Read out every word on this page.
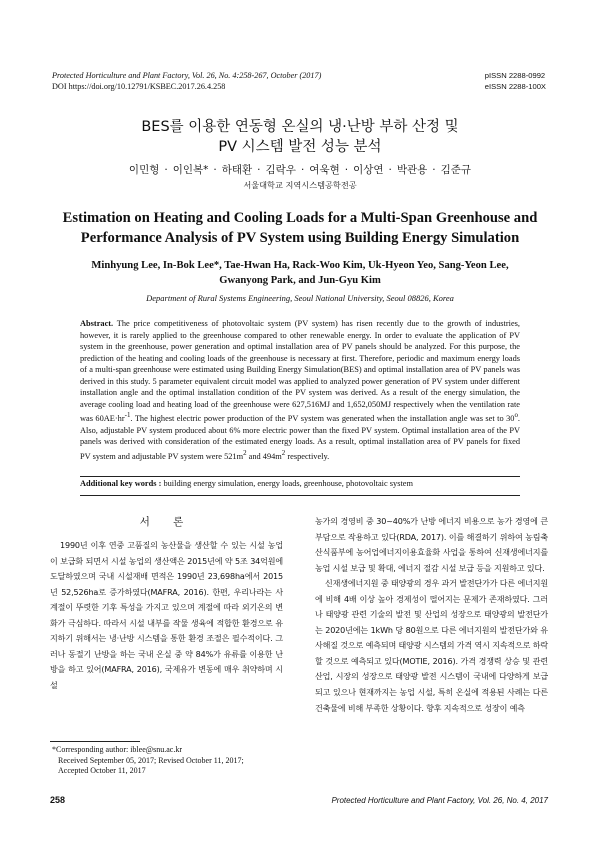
Protected Horticulture and Plant Factory, Vol. 26, No. 4:258-267, October (2017)
DOI https://doi.org/10.12791/KSBEC.2017.26.4.258
pISSN 2288-0992
eISSN 2288-100X
BES를 이용한 연동형 온실의 냉·난방 부하 산정 및
PV 시스템 발전 성능 분석
이민형 · 이인복* · 하태환 · 김락우 · 여욱현 · 이상연 · 박관용 · 김준규
서울대학교 지역시스템공학전공
Estimation on Heating and Cooling Loads for a Multi-Span Greenhouse and
Performance Analysis of PV System using Building Energy Simulation
Minhyung Lee, In-Bok Lee*, Tae-Hwan Ha, Rack-Woo Kim, Uk-Hyeon Yeo, Sang-Yeon Lee,
Gwanyong Park, and Jun-Gyu Kim
Department of Rural Systems Engineering, Seoul National University, Seoul 08826, Korea
Abstract. The price competitiveness of photovoltaic system (PV system) has risen recently due to the growth of industries, however, it is rarely applied to the greenhouse compared to other renewable energy. In order to evaluate the application of PV system in the greenhouse, power generation and optimal installation area of PV panels should be analyzed. For this purpose, the prediction of the heating and cooling loads of the greenhouse is necessary at first. Therefore, periodic and maximum energy loads of a multi-span greenhouse were estimated using Building Energy Simulation(BES) and optimal installation area of PV panels was derived in this study. 5 parameter equivalent circuit model was applied to analyzed power generation of PV system under different installation angle and the optimal installation condition of the PV system was derived. As a result of the energy simulation, the average cooling load and heating load of the greenhouse were 627,516MJ and 1,652,050MJ respectively when the ventilation rate was $60AE\cdot hr^{-1}$. The highest electric power production of the PV system was generated when the installation angle was set to 30$^o$. Also, adjustable PV system produced about 6% more electric power than the fixed PV system. Optimal installation area of the PV panels was derived with consideration of the estimated energy loads. As a result, optimal installation area of PV panels for fixed PV system and adjustable PV system were $521m^2$ and $494m^2$ respectively.
Additional key words : building energy simulation, energy loads, greenhouse, photovoltaic system
서 론

1990년 이후 연중 고품질의 농산물을 생산할 수 있는 시설 농업이 보급화 되면서 시설 농업의 생산액은 2015년에 약 5조 34억원에 도달하였으며 국내 시설재배 면적은 1990년 23,698ha에서 2015년 52,526ha로 증가하였다(MAFRA, 2016). 한편, 우리나라는 사계절이 뚜렷한 기후 특성을 가지고 있으며 계절에 따라 외기온의 변화가 극심하다. 따라서 시설 내부를 작물 생육에 적합한 환경으로 유지하기 위해서는 냉·난방 시스템을 통한 환경 조절은 필수적이다. 그러나 동절기 난방을 하는 국내 온실 중 약 84%가 유류를 이용한 난방을 하고 있어(MAFRA, 2016), 국제유가 변동에 매우 취약하며 시설

농가의 경영비 중 30~40%가 난방 에너지 비용으로 농가 경영에 큰 부담으로 작용하고 있다(RDA, 2017). 이를 해결하기 위하여 농림축산식품부에 농어업에너지이용효율화 사업을 통하여 신재생에너지를 농업 시설 보급 및 확대, 에너지 절감 시설 보급 등을 지원하고 있다.

신재생에너지원 중 태양광의 경우 과거 발전단가가 다른 에너지원에 비해 4배 이상 높아 경제성이 떨어지는 문제가 존재하였다. 그러나 태양광 관련 기술의 발전 및 산업의 성장으로 태양광의 발전단가는 2020년에는 1kWh 당 80원으로 다른 에너지원의 발전단가와 유사해질 것으로 예측되며 태양광 시스템의 가격 역시 지속적으로 하락할 것으로 예측되고 있다(MOTIE, 2016). 가격 경쟁력 상승 및 관련 산업, 시장의 성장으로 태양광 발전 시스템이 국내에 다양하게 보급되고 있으나 현재까지는 농업 시설, 특히 온실에 적용된 사례는 다른 건축물에 비해 부족한 상황이다. 향후 지속적으로 성장이 예측

*Corresponding author: iblee@snu.ac.kr
Received September 05, 2017; Revised October 11, 2017;
Accepted October 11, 2017
258	Protected Horticulture and Plant Factory, Vol. 26, No. 4, 2017
